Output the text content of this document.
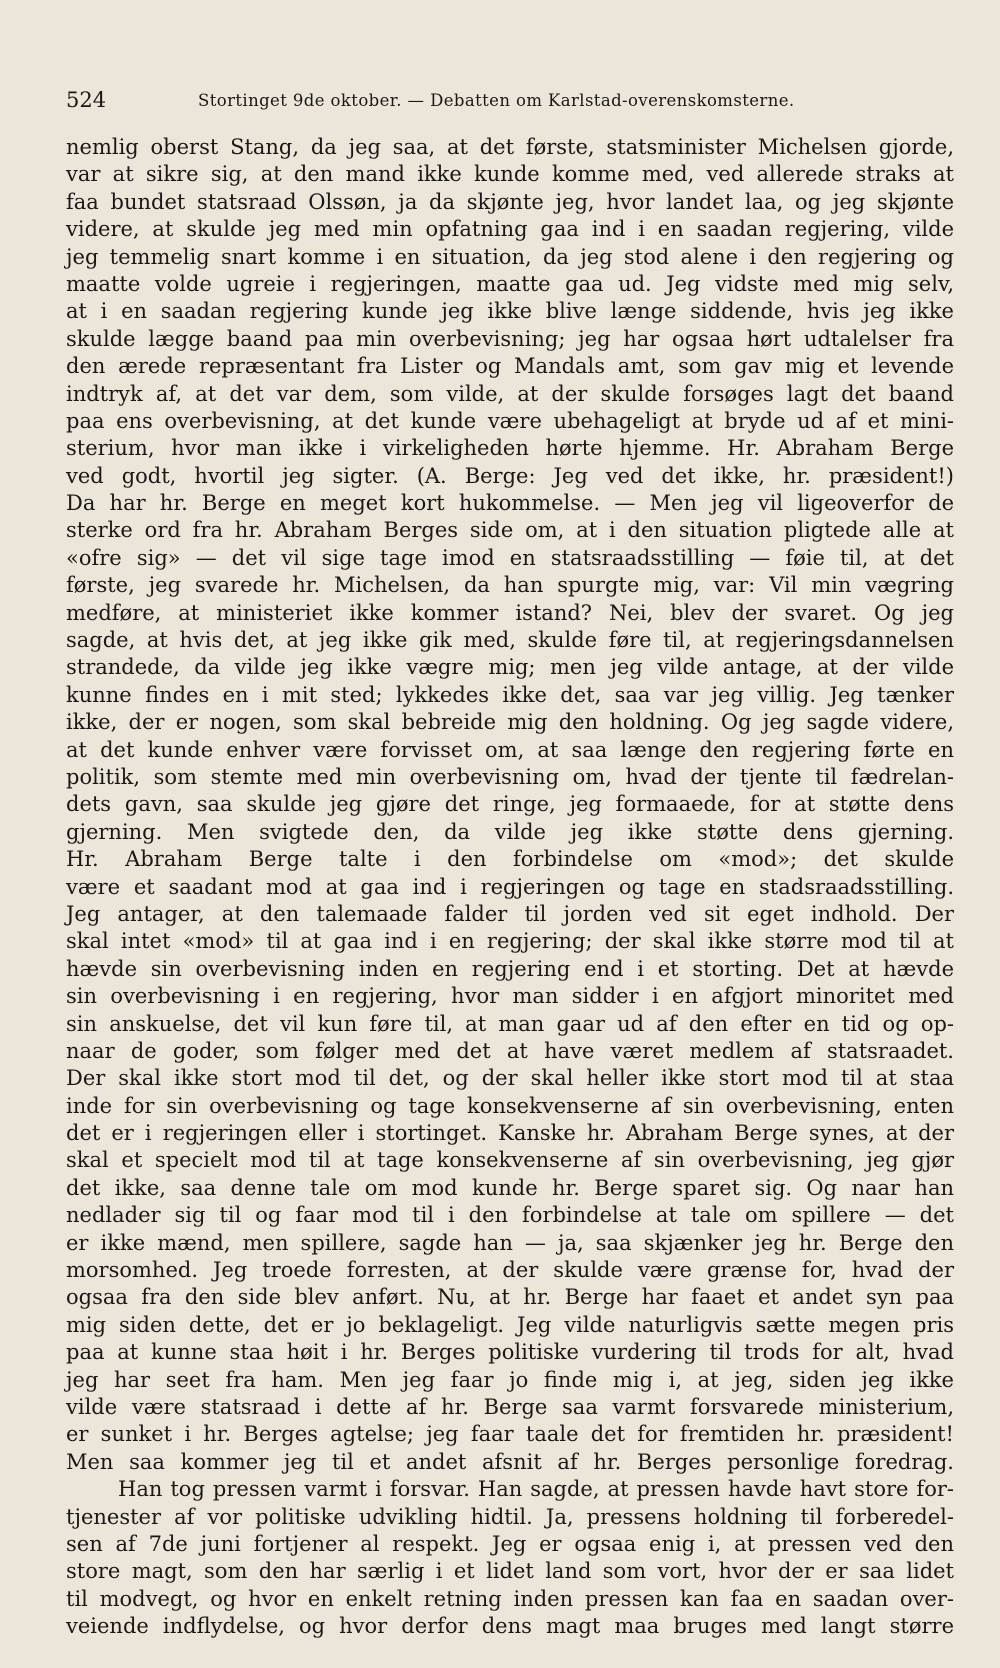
524	Stortinget 9de oktober. — Debatten om Karlstad-overenskomsterne.
nemlig oberst Stang, da jeg saa, at det første, statsminister Michelsen gjorde,
var at sikre sig, at den mand ikke kunde komme med, ved allerede straks at
faa bundet statsraad Olssøn, ja da skjønte jeg, hvor landet laa, og jeg skjønte
videre, at skulde jeg med min opfatning gaa ind i en saadan regjering, vilde
jeg temmelig snart komme i en situation, da jeg stod alene i den regjering og
maatte volde ugreie i regjeringen, maatte gaa ud. Jeg vidste med mig selv,
at i en saadan regjering kunde jeg ikke blive længe siddende, hvis jeg ikke
skulde lægge baand paa min overbevisning; jeg har ogsaa hørt udtalelser fra
den ærede repræsentant fra Lister og Mandals amt, som gav mig et levende
indtryk af, at det var dem, som vilde, at der skulde forsøges lagt det baand
paa ens overbevisning, at det kunde være ubehageligt at bryde ud af et mini-
sterium, hvor man ikke i virkeligheden hørte hjemme. Hr. Abraham Berge
ved godt, hvortil jeg sigter. (A. Berge: Jeg ved det ikke, hr. præsident!)
Da har hr. Berge en meget kort hukommelse. — Men jeg vil ligeoverfor de
sterke ord fra hr. Abraham Berges side om, at i den situation pligtede alle at
«ofre sig» — det vil sige tage imod en statsraadsstilling — føie til, at det
første, jeg svarede hr. Michelsen, da han spurgte mig, var: Vil min vægring
medføre, at ministeriet ikke kommer istand? Nei, blev der svaret. Og jeg
sagde, at hvis det, at jeg ikke gik med, skulde føre til, at regjeringsdannelsen
strandede, da vilde jeg ikke vægre mig; men jeg vilde antage, at der vilde
kunne findes en i mit sted; lykkedes ikke det, saa var jeg villig. Jeg tænker
ikke, der er nogen, som skal bebreide mig den holdning. Og jeg sagde videre,
at det kunde enhver være forvisset om, at saa længe den regjering førte en
politik, som stemte med min overbevisning om, hvad der tjente til fædrelan-
dets gavn, saa skulde jeg gjøre det ringe, jeg formaaede, for at støtte dens
gjerning. Men svigtede den, da vilde jeg ikke støtte dens gjerning.
Hr. Abraham Berge talte i den forbindelse om «mod»; det skulde
være et saadant mod at gaa ind i regjeringen og tage en stadsraadsstilling.
Jeg antager, at den talemaade falder til jorden ved sit eget indhold. Der
skal intet «mod» til at gaa ind i en regjering; der skal ikke større mod til at
hævde sin overbevisning inden en regjering end i et storting. Det at hævde
sin overbevisning i en regjering, hvor man sidder i en afgjort minoritet med
sin anskuelse, det vil kun føre til, at man gaar ud af den efter en tid og op-
naar de goder, som følger med det at have været medlem af statsraadet.
Der skal ikke stort mod til det, og der skal heller ikke stort mod til at staa
inde for sin overbevisning og tage konsekvenserne af sin overbevisning, enten
det er i regjeringen eller i stortinget. Kanske hr. Abraham Berge synes, at der
skal et specielt mod til at tage konsekvenserne af sin overbevisning, jeg gjør
det ikke, saa denne tale om mod kunde hr. Berge sparet sig. Og naar han
nedlader sig til og faar mod til i den forbindelse at tale om spillere — det
er ikke mænd, men spillere, sagde han — ja, saa skjænker jeg hr. Berge den
morsomhed. Jeg troede forresten, at der skulde være grænse for, hvad der
ogsaa fra den side blev anført. Nu, at hr. Berge har faaet et andet syn paa
mig siden dette, det er jo beklageligt. Jeg vilde naturligvis sætte megen pris
paa at kunne staa høit i hr. Berges politiske vurdering til trods for alt, hvad
jeg har seet fra ham. Men jeg faar jo finde mig i, at jeg, siden jeg ikke
vilde være statsraad i dette af hr. Berge saa varmt forsvarede ministerium,
er sunket i hr. Berges agtelse; jeg faar taale det for fremtiden hr. præsident!
Men saa kommer jeg til et andet afsnit af hr. Berges personlige foredrag.
Han tog pressen varmt i forsvar. Han sagde, at pressen havde havt store for-
tjenester af vor politiske udvikling hidtil. Ja, pressens holdning til forberedel-
sen af 7de juni fortjener al respekt. Jeg er ogsaa enig i, at pressen ved den
store magt, som den har særlig i et lidet land som vort, hvor der er saa lidet
til modvegt, og hvor en enkelt retning inden pressen kan faa en saadan over-
veiende indflydelse, og hvor derfor dens magt maa bruges med langt større
